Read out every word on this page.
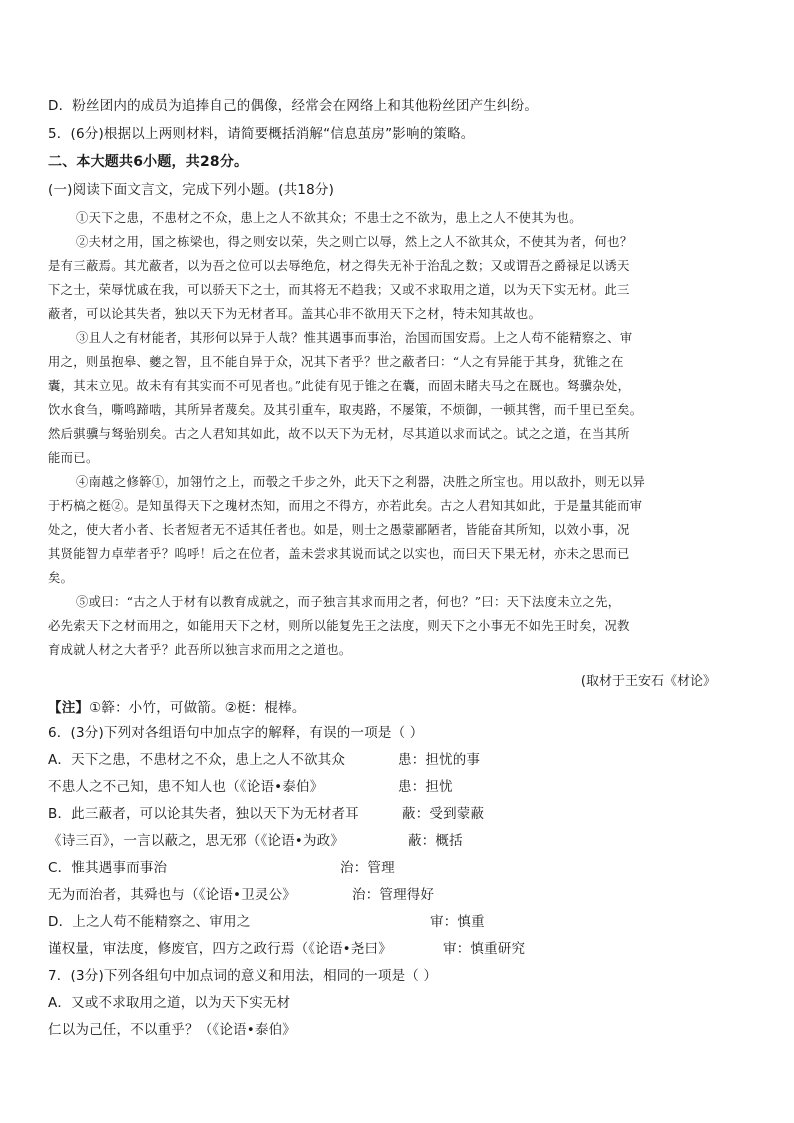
D．粉丝团内的成员为追捧自己的偶像，经常会在网络上和其他粉丝团产生纠纷。
5．(6分)根据以上两则材料，请简要概括消解“信息茧房”影响的策略。
二、本大题共6小题，共28分。
(一)阅读下面文言文，完成下列小题。(共18分)
①天下之患，不患材之不众，患上之人不欲其众；不患士之不欲为，患上之人不使其为也。
②夫材之用，国之栋梁也，得之则安以荣，失之则亡以辱，然上之人不欲其众，不使其为者，何也？
是有三蔽焉。其尤蔽者，以为吾之位可以去辱绝危，材之得失无补于治乱之数；又或谓吾之爵禄足以诱天
下之士，荣辱忧戚在我，可以骄天下之士，而其将无不趋我；又或不求取用之道，以为天下实无材。此三
蔽者，可以论其失者，独以天下为无材者耳。盖其心非不欲用天下之材，特未知其故也。
③且人之有材能者，其形何以异于人哉？惟其遇事而事治，治国而国安焉。上之人苟不能精察之、审
用之，则虽抱皋、夔之智，且不能自异于众，况其下者乎？世之蔽者曰：“人之有异能于其身，犹锥之在
囊，其末立见。故未有有其实而不可见者也。”此徒有见于锥之在囊，而固未睹夫马之在厩也。驽骥杂处，
饮水食刍，嘶鸣蹄啮，其所异者蔑矣。及其引重车，取夷路，不屡策，不烦御，一顿其辔，而千里已至矣。
然后骐骥与驽骀别矣。古之人君知其如此，故不以天下为无材，尽其道以求而试之。试之之道，在当其所
能而已。
④南越之修簳①，加翎竹之上，而彀之千步之外，此天下之利器，决胜之所宝也。用以敌扑，则无以异
于朽槁之梃②。是知虽得天下之瑰材杰知，而用之不得方，亦若此矣。古之人君知其如此，于是量其能而审
处之，使大者小者、长者短者无不适其任者也。如是，则士之愚蒙鄙陋者，皆能奋其所知，以效小事，况
其贤能智力卓荦者乎？呜呼！后之在位者，盖未尝求其说而试之以实也，而曰天下果无材，亦未之思而已
矣。
⑤或曰：“古之人于材有以教育成就之，而子独言其求而用之者，何也？”曰：天下法度未立之先，
必先索天下之材而用之，如能用天下之材，则所以能复先王之法度，则天下之小事无不如先王时矣，况教
育成就人材之大者乎？此吾所以独言求而用之之道也。
(取材于王安石《材论》
【注】①簳：小竹，可做箭。②梃：棍棒。
6．(3分)下列对各组语句中加点字的解释，有误的一项是（ ）
A．天下之患，不患材之不众，患上之人不欲其众	患：担忧的事
不患人之不己知，患不知人也（《论语•泰伯》	患：担忧
B．此三蔽者，可以论其失者，独以天下为无材者耳	蔽：受到蒙蔽
《诗三百》，一言以蔽之，思无邪（《论语•为政》	蔽：概括
C．惟其遇事而事治	治：管理
无为而治者，其舜也与（《论语•卫灵公》	治：管理得好
D．上之人苟不能精察之、审用之	审：慎重
谨权量，审法度，修废官，四方之政行焉（《论语•尧曰》	审：慎重研究
7．(3分)下列各组句中加点词的意义和用法，相同的一项是（ ）
A．又或不求取用之道，以为天下实无材
仁以为己任，不以重乎？（《论语•泰伯》
